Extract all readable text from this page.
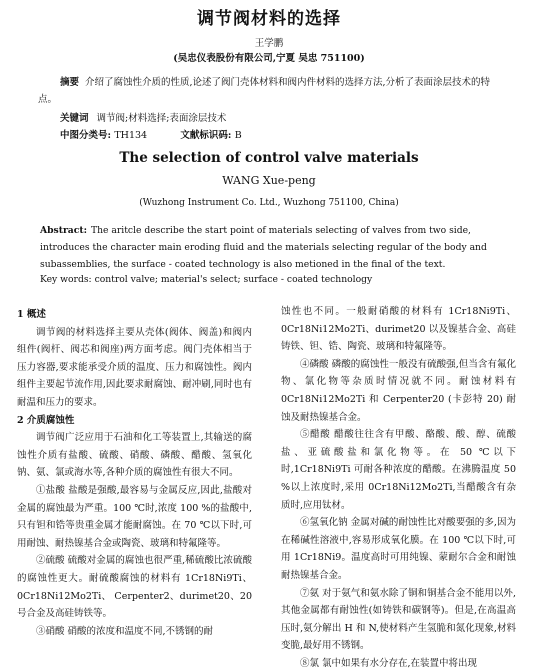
调节阀材料的选择
王学鹏
(吴忠仪表股份有限公司,宁夏 吴忠 751100)
摘要 介绍了腐蚀性介质的性质,论述了阀门壳体材料和阀内件材料的选择方法,分析了表面涂层技术的特点。
关键词 调节阀;材料选择;表面涂层技术
中图分类号: TH134	文献标识码: B
The selection of control valve materials
WANG Xue-peng
(Wuzhong Instrument Co. Ltd., Wuzhong 751100, China)
Abstract: The aritcle describe the start point of materials selecting of valves from two side, introduces the character main eroding fluid and the materials selecting regular of the body and subassemblies, the surface - coated technology is also metioned in the final of the text.
Key words: control valve; material's select; surface - coated technology

1 概述

调节阀的材料选择主要从壳体(阀体、阀盖)和阀内组件(阀杆、阀芯和阀座)两方面考虑。阀门壳体相当于压力容器,要求能承受介质的温度、压力和腐蚀性。阀内组件主要起节流作用,因此要求耐腐蚀、耐冲刷,同时也有耐温和压力的要求。

2 介质腐蚀性

调节阀广泛应用于石油和化工等装置上,其输送的腐蚀性介质有盐酸、硫酸、硝酸、磷酸、醋酸、氢氧化钠、氨、氯或海水等,各种介质的腐蚀性有很大不同。

①盐酸 盐酸是强酸,最容易与金属反应,因此,盐酸对金属的腐蚀最为严重。100 ℃时,浓度 100 %的盐酸中,只有钽和锆等贵重金属才能耐腐蚀。在 70 ℃以下时,可用耐蚀、耐热镍基合金或陶瓷、玻璃和特氟隆等。

②硫酸 硫酸对金属的腐蚀也很严重,稀硫酸比浓硫酸的腐蚀性更大。耐硫酸腐蚀的材料有 1Cr18Ni9Ti、 0Cr18Ni12Mo2Ti、 Cerpenter2、durimet20、20 号合金及高硅铸铁等。

③硝酸 硝酸的浓度和温度不同,不锈钢的耐

蚀性也不同。一般耐硝酸的材料有 1Cr18Ni9Ti、0Cr18Ni12Mo2Ti、durimet20 以及镍基合金、高硅铸铁、钽、锆、陶瓷、玻璃和特氟隆等。

④磷酸 磷酸的腐蚀性一般没有硫酸强,但当含有氟化物、氯化物等杂质时情况就不同。耐蚀材料有 0Cr18Ni12Mo2Ti 和 Cerpenter20 (卡彭特 20) 耐蚀及耐热镍基合金。

⑤醋酸 醋酸往往含有甲酸、酪酸、酸、醇、硫酸盐、亚硫酸盐和氯化物等。在 50 ℃以下时,1Cr18Ni9Ti 可耐各种浓度的醋酸。在沸腾温度 50 %以上浓度时,采用 0Cr18Ni12Mo2Ti,当醋酸含有杂质时,应用钛材。

⑥氢氧化钠 金属对碱的耐蚀性比对酸要强的多,因为在稀碱性溶液中,容易形成氧化膜。在 100 ℃以下时,可用 1Cr18Ni9。温度高时可用纯镍、蒙耐尔合金和耐蚀耐热镍基合金。

⑦氨 对于氨气和氨水除了铜和铜基合金不能用以外,其他金属都有耐蚀性(如铸铁和碳钢等)。但是,在高温高压时,氨分解出 H 和 N,使材料产生氢脆和氮化现象,材料变脆,最好用不锈钢。

⑧氯 氯中如果有水分存在,在装置中将出现
